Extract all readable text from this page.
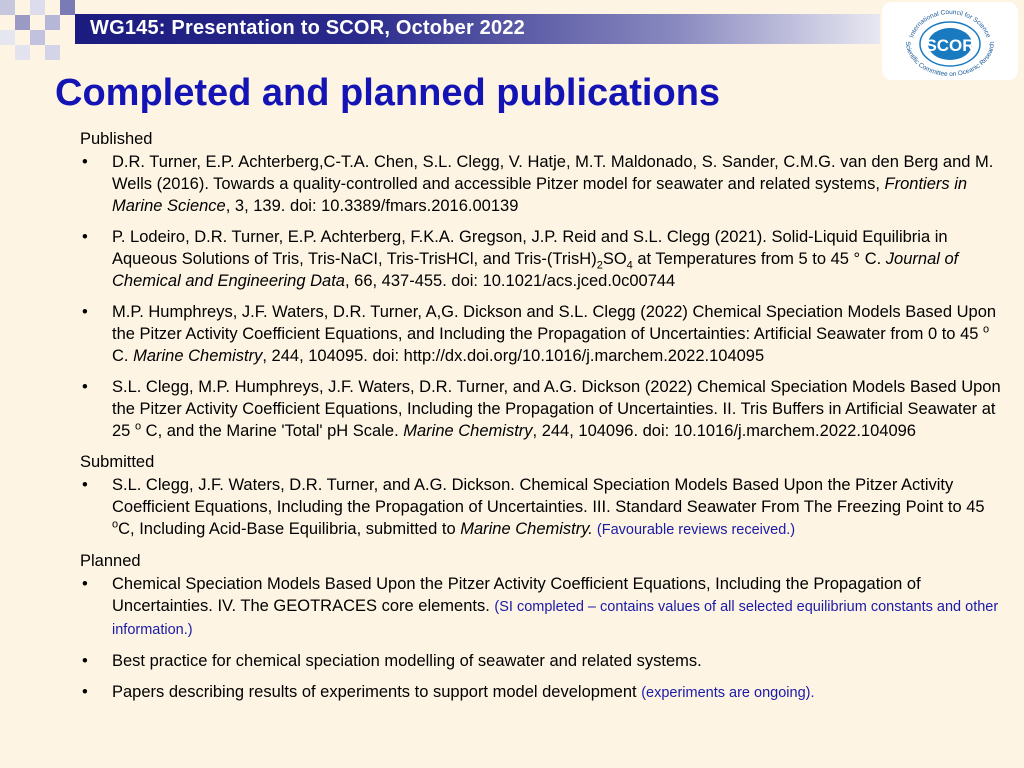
WG145: Presentation to SCOR, October 2022
SCOR
International Council for Science
Scientific Committee on Oceanic Research
Completed and planned publications
Published
• D.R. Turner, E.P. Achterberg,C-T.A. Chen, S.L. Clegg, V. Hatje, M.T. Maldonado, S. Sander, C.M.G. van den Berg and M. Wells (2016). Towards a quality-controlled and accessible Pitzer model for seawater and related systems, Frontiers in Marine Science, 3, 139. doi: 10.3389/fmars.2016.00139
• P. Lodeiro, D.R. Turner, E.P. Achterberg, F.K.A. Gregson, J.P. Reid and S.L. Clegg (2021). Solid-Liquid Equilibria in Aqueous Solutions of Tris, Tris-NaCI, Tris-TrisHCl, and Tris-$(TrisH)_2SO_4$ at Temperatures from 5 to 45 ° C. Journal of Chemical and Engineering Data, 66, 437-455. doi: 10.1021/acs.jced.0c00744
• M.P. Humphreys, J.F. Waters, D.R. Turner, A,G. Dickson and S.L. Clegg (2022) Chemical Speciation Models Based Upon the Pitzer Activity Coefficient Equations, and Including the Propagation of Uncertainties: Artificial Seawater from 0 to 45 $^o$ C. Marine Chemistry, 244, 104095. doi: http://dx.doi.org/10.1016/j.marchem.2022.104095
• S.L. Clegg, M.P. Humphreys, J.F. Waters, D.R. Turner, and A.G. Dickson (2022) Chemical Speciation Models Based Upon the Pitzer Activity Coefficient Equations, Including the Propagation of Uncertainties. II. Tris Buffers in Artificial Seawater at 25 $^o$ C, and the Marine 'Total' pH Scale. Marine Chemistry, 244, 104096. doi: 10.1016/j.marchem.2022.104096
Submitted
• S.L. Clegg, J.F. Waters, D.R. Turner, and A.G. Dickson. Chemical Speciation Models Based Upon the Pitzer Activity Coefficient Equations, Including the Propagation of Uncertainties. III. Standard Seawater From The Freezing Point to 45 $^o$C, Including Acid-Base Equilibria, submitted to Marine Chemistry. (Favourable reviews received.)
Planned
• Chemical Speciation Models Based Upon the Pitzer Activity Coefficient Equations, Including the Propagation of Uncertainties. IV. The GEOTRACES core elements. (SI completed – contains values of all selected equilibrium constants and other information.)
• Best practice for chemical speciation modelling of seawater and related systems.
• Papers describing results of experiments to support model development (experiments are ongoing).
